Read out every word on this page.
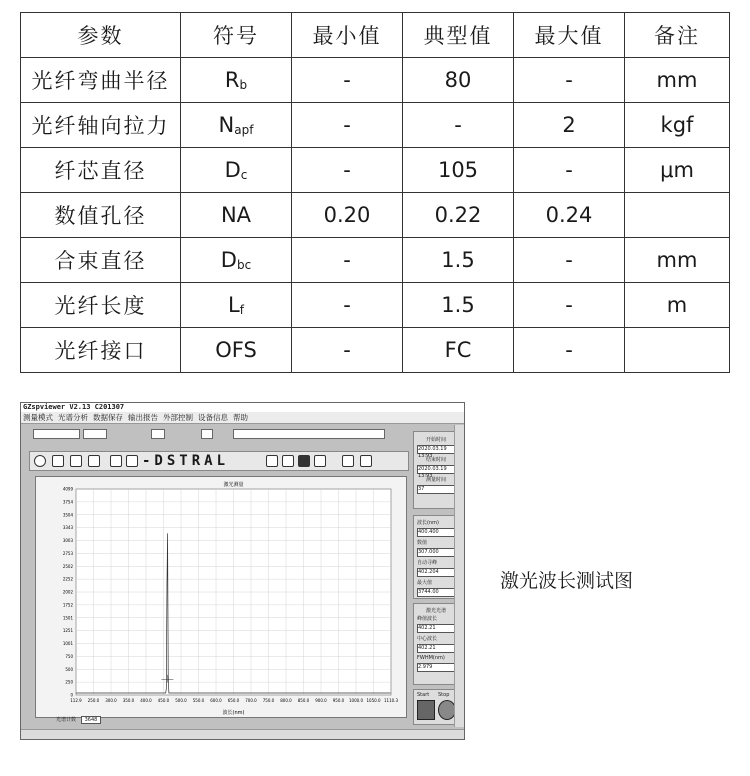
参数	符号	最小值	典型值	最大值	备注
光纤弯曲半径	$R_b$	-	80	-	mm
光纤轴向拉力	$N_{apf}$	-	-	2	kgf
纤芯直径	$D_c$	-	105	-	μm
数值孔径	NA	0.20	0.22	0.24	
合束直径	$D_{bc}$	-	1.5	-	mm
光纤长度	$L_f$	-	1.5	-	m
光纤接口	OFS	-	FC	-	
GZspviewer V2.13 C201307
测量模式 光谱分析 数据保存 输出报告 外部控制 设备信息 帮助
-DSTRAL
112.9 250.0 300.0 350.0 400.0 450.0 500.0 550.0 600.0 650.0 700.0 750.0 800.0 850.0 900.0 950.0 1000.0 1050.0 1110.3
4099
3754
3504
3343
3003
2753
2502
2252
2002
1752
1501
1251
1001
750
500
250
0
激光测量
波长(nm)
开始时间
2020.03.19 13:93
结束时间
2020.03.19 13:93
测量时间
37
波长(nm)
400.400
数值
307.000
自动寻峰
402.204
最大值
3744.00
激光光谱
峰值波长
402.21
中心波长
402.21
FWHM(nm)
2.979
Start Stop
光谱计数 3648
激光波长测试图
